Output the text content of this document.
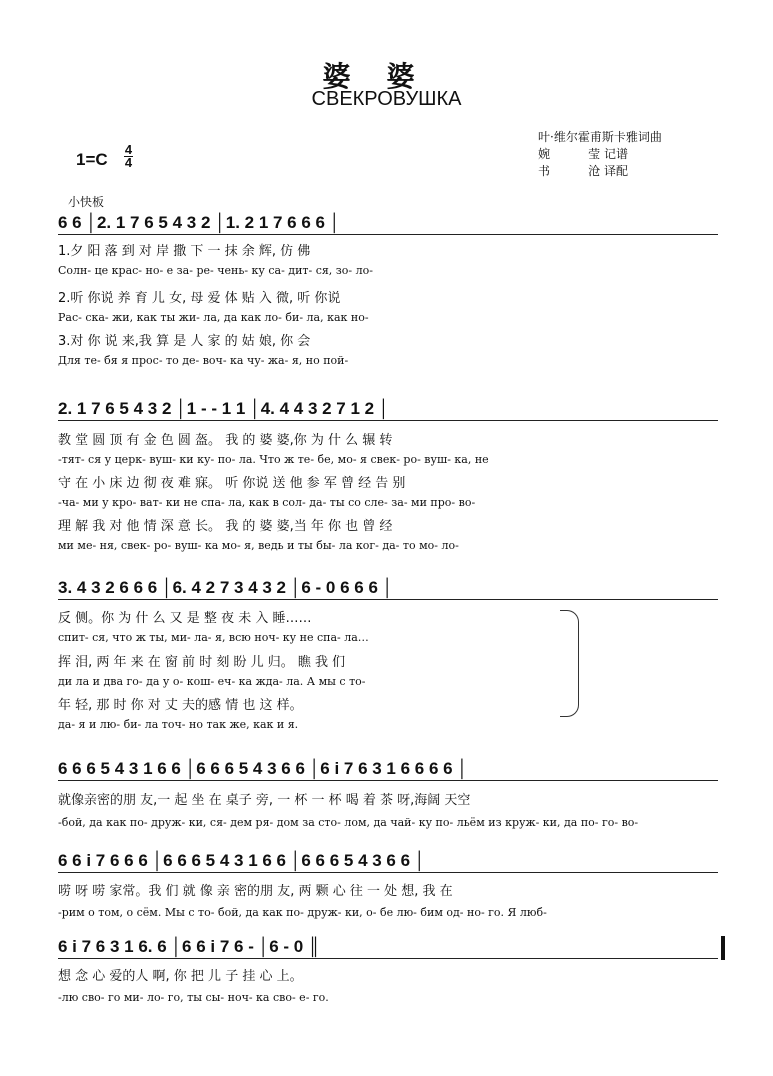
婆婆
СВЕКРОВУШКА
1=C
4
4
叶·维尔霍甫斯卡雅词曲
婉          莹 记谱
书          沧 译配
小快板
6 6 │2. 1 7 6 5 4 3 2 │1. 2 1 7 6 6 6 │
1.夕 阳 落 到 对 岸 撒 下 一 抹 余 辉, 仿 佛
Солн- це крас- но- е за- ре- чень- ку са- дит- ся, зо- ло-
2.听 你说 养 育 儿 女, 母 爱 体 贴 入 微, 听 你说
Рас- ска- жи, как ты жи- ла, да как ло- би- ла, как но-
3.对 你 说 来,我 算 是 人 家 的 姑 娘, 你 会
Для те- бя я прос- то де- воч- ка чу- жа- я, но пой-
2. 1 7 6 5 4 3 2 │1 - - 1 1 │4. 4 4 3 2 7 1 2 │
教 堂 圆 顶 有 金 色 圆 盔。 我 的 婆 婆,你 为 什 么 辗 转
-тят- ся у церк- вуш- ки ку- по- ла. Что ж те- бе, мо- я свек- ро- вуш- ка, не
守 在 小 床 边 彻 夜 难 寐。 听 你说 送 他 参 军 曾 经 告 别
-ча- ми у кро- ват- ки не спа- ла, как в сол- да- ты со сле- за- ми про- во-
理 解 我 对 他 情 深 意 长。 我 的 婆 婆,当 年 你 也 曾 经
ми ме- ня, свек- ро- вуш- ка мо- я, ведь и ты бы- ла ког- да- то мо- ло-
3. 4 3 2 6 6 6 │6. 4 2 7 3 4 3 2 │6 - 0 6 6 6 │
反 侧。你 为 什 么 又 是 整 夜 未 入 睡……
спит- ся, что ж ты, ми- ла- я, всю ноч- ку не спа- ла…
挥 泪, 两 年 来 在 窗 前 时 刻 盼 儿 归。 瞧 我 们
ди ла и два го- да у о- кош- еч- ка ждa- ла. А мы с то-
年 轻, 那 时 你 对 丈 夫的感 情 也 这 样。
да- я и лю- би- ла точ- но так же, как и я.
6 6 6 5 4 3 1 6 6 │6 6 6 5 4 3 6 6 │6 i 7 6 3 1 6 6 6 6 │
就像亲密的朋 友,一 起 坐 在 桌子 旁, 一 杯 一 杯 喝 着 茶 呀,海阔 天空
-бой, да как по- друж- ки, ся- дем ря- дом за сто- лом, да чай- ку по- льём из круж- ки, да по- го- во-
6 6 i 7 6 6 6 │6 6 6 5 4 3 1 6 6 │6 6 6 5 4 3 6 6 │
唠 呀 唠 家常。我 们 就 像 亲 密的朋 友, 两 颗 心 往 一 处 想, 我 在
-рим о том, о сём. Мы с то- бой, да как по- друж- ки, о- бе лю- бим од- но- го. Я люб-
6 i 7 6 3 1 6. 6 │6 6 i 7 6 - │6 - 0 ║
想 念 心 爱的人 啊, 你 把 儿 子 挂 心 上。
-лю сво- го ми- ло- го, ты сы- ноч- ка сво- е- го.
